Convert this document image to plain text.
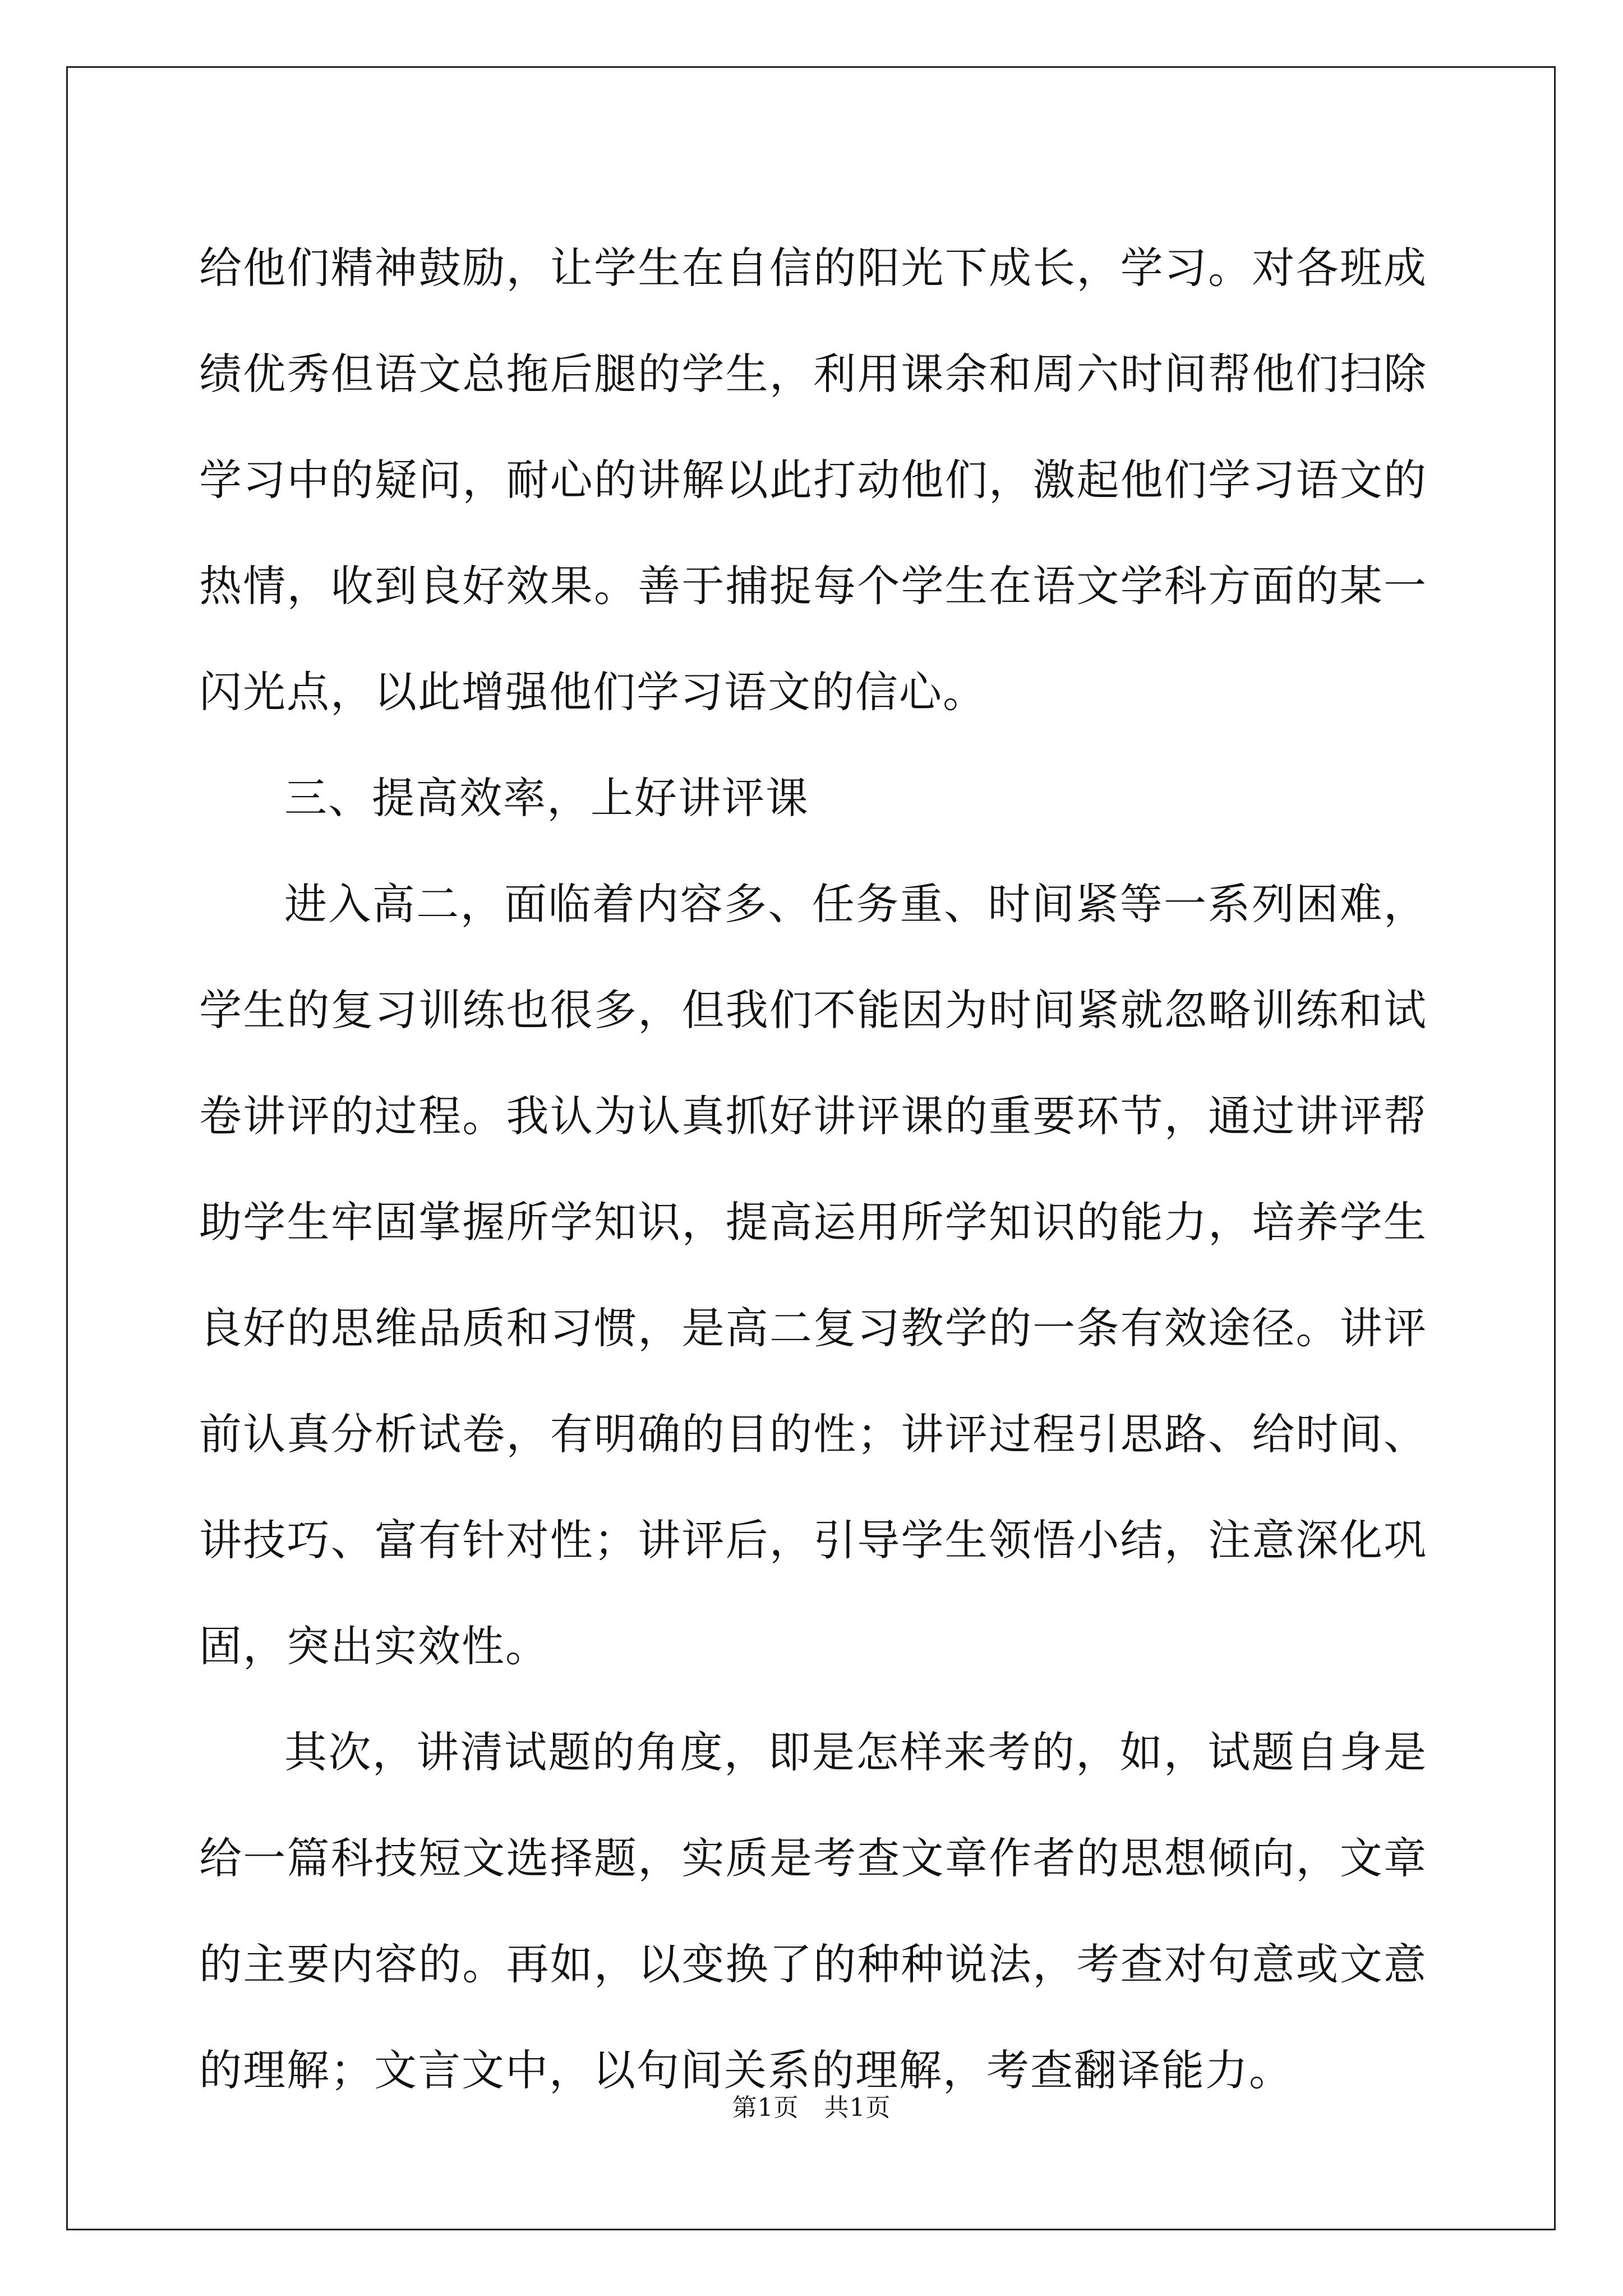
给他们精神鼓励，让学生在自信的阳光下成长，学习。对各班成绩优秀但语文总拖后腿的学生，利用课余和周六时间帮他们扫除学习中的疑问，耐心的讲解以此打动他们，激起他们学习语文的热情，收到良好效果。善于捕捉每个学生在语文学科方面的某一闪光点，以此增强他们学习语文的信心。

三、提高效率，上好讲评课

进入高二，面临着内容多、任务重、时间紧等一系列困难，学生的复习训练也很多，但我们不能因为时间紧就忽略训练和试卷讲评的过程。我认为认真抓好讲评课的重要环节，通过讲评帮助学生牢固掌握所学知识，提高运用所学知识的能力，培养学生良好的思维品质和习惯，是高二复习教学的一条有效途径。讲评前认真分析试卷，有明确的目的性；讲评过程引思路、给时间、讲技巧、富有针对性；讲评后，引导学生领悟小结，注意深化巩固，突出实效性。

其次，讲清试题的角度，即是怎样来考的，如，试题自身是给一篇科技短文选择题，实质是考查文章作者的思想倾向，文章的主要内容的。再如，以变换了的种种说法，考查对句意或文意的理解；文言文中，以句间关系的理解，考查翻译能力。

第1页 共1页
